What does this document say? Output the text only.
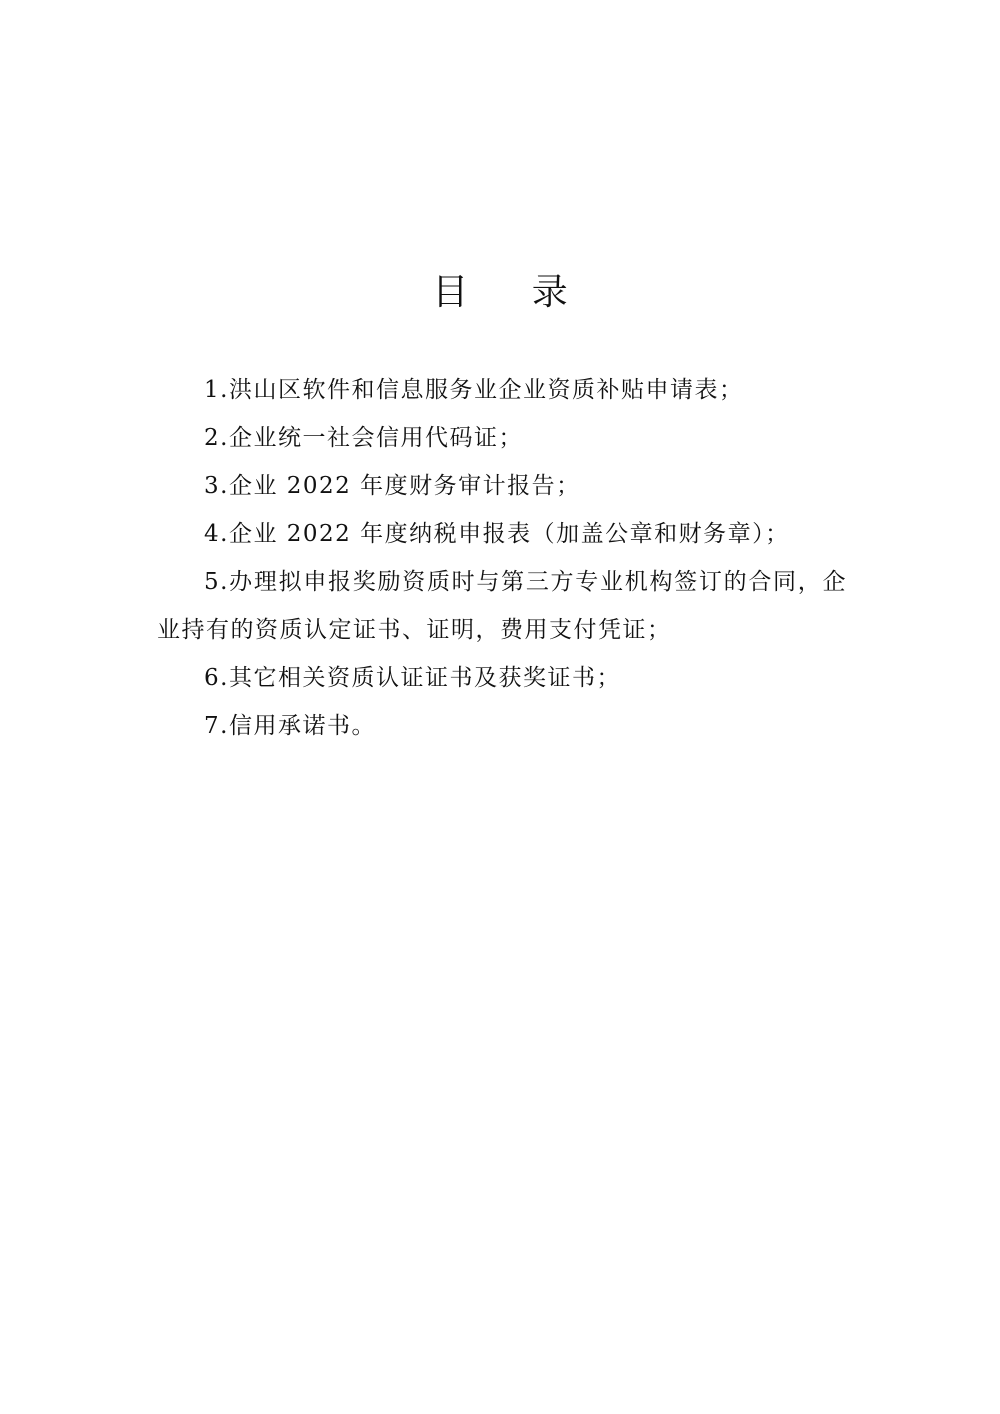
目 录
1.洪山区软件和信息服务业企业资质补贴申请表；
2.企业统一社会信用代码证；
3.企业 2022 年度财务审计报告；
4.企业 2022 年度纳税申报表（加盖公章和财务章）；
5.办理拟申报奖励资质时与第三方专业机构签订的合同，企业持有的资质认定证书、证明，费用支付凭证；
6.其它相关资质认证证书及获奖证书；
7.信用承诺书。
